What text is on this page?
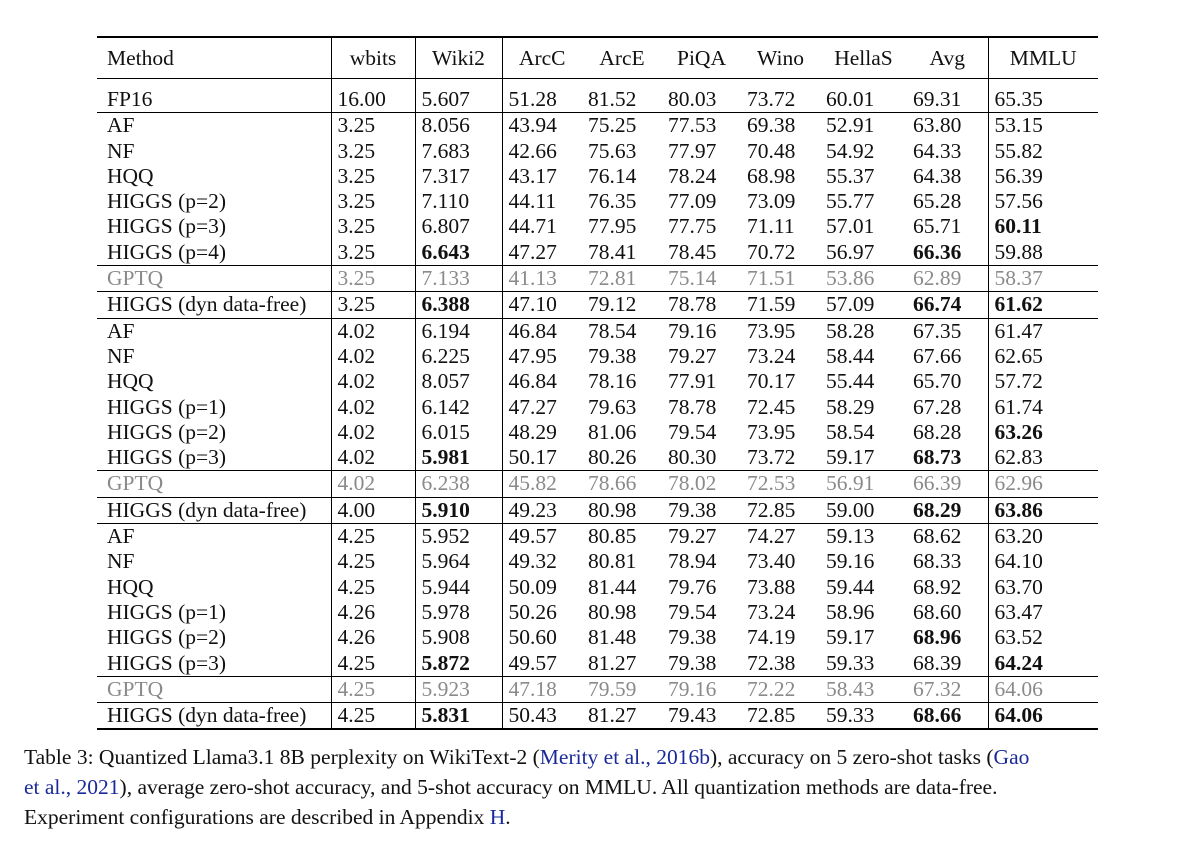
Method	wbits	Wiki2	ArcC	ArcE	PiQA	Wino	HellaS	Avg	MMLU
FP16	16.00	5.607	51.28	81.52	80.03	73.72	60.01	69.31	65.35
AF	3.25	8.056	43.94	75.25	77.53	69.38	52.91	63.80	53.15
NF	3.25	7.683	42.66	75.63	77.97	70.48	54.92	64.33	55.82
HQQ	3.25	7.317	43.17	76.14	78.24	68.98	55.37	64.38	56.39
HIGGS (p=2)	3.25	7.110	44.11	76.35	77.09	73.09	55.77	65.28	57.56
HIGGS (p=3)	3.25	6.807	44.71	77.95	77.75	71.11	57.01	65.71	60.11
HIGGS (p=4)	3.25	6.643	47.27	78.41	78.45	70.72	56.97	66.36	59.88
GPTQ	3.25	7.133	41.13	72.81	75.14	71.51	53.86	62.89	58.37
HIGGS (dyn data-free)	3.25	6.388	47.10	79.12	78.78	71.59	57.09	66.74	61.62
AF	4.02	6.194	46.84	78.54	79.16	73.95	58.28	67.35	61.47
NF	4.02	6.225	47.95	79.38	79.27	73.24	58.44	67.66	62.65
HQQ	4.02	8.057	46.84	78.16	77.91	70.17	55.44	65.70	57.72
HIGGS (p=1)	4.02	6.142	47.27	79.63	78.78	72.45	58.29	67.28	61.74
HIGGS (p=2)	4.02	6.015	48.29	81.06	79.54	73.95	58.54	68.28	63.26
HIGGS (p=3)	4.02	5.981	50.17	80.26	80.30	73.72	59.17	68.73	62.83
GPTQ	4.02	6.238	45.82	78.66	78.02	72.53	56.91	66.39	62.96
HIGGS (dyn data-free)	4.00	5.910	49.23	80.98	79.38	72.85	59.00	68.29	63.86
AF	4.25	5.952	49.57	80.85	79.27	74.27	59.13	68.62	63.20
NF	4.25	5.964	49.32	80.81	78.94	73.40	59.16	68.33	64.10
HQQ	4.25	5.944	50.09	81.44	79.76	73.88	59.44	68.92	63.70
HIGGS (p=1)	4.26	5.978	50.26	80.98	79.54	73.24	58.96	68.60	63.47
HIGGS (p=2)	4.26	5.908	50.60	81.48	79.38	74.19	59.17	68.96	63.52
HIGGS (p=3)	4.25	5.872	49.57	81.27	79.38	72.38	59.33	68.39	64.24
GPTQ	4.25	5.923	47.18	79.59	79.16	72.22	58.43	67.32	64.06
HIGGS (dyn data-free)	4.25	5.831	50.43	81.27	79.43	72.85	59.33	68.66	64.06
Table 3: Quantized Llama3.1 8B perplexity on WikiText-2 (Merity et al., 2016b), accuracy on 5 zero-shot tasks (Gao
et al., 2021), average zero-shot accuracy, and 5-shot accuracy on MMLU. All quantization methods are data-free.
Experiment configurations are described in Appendix H.
